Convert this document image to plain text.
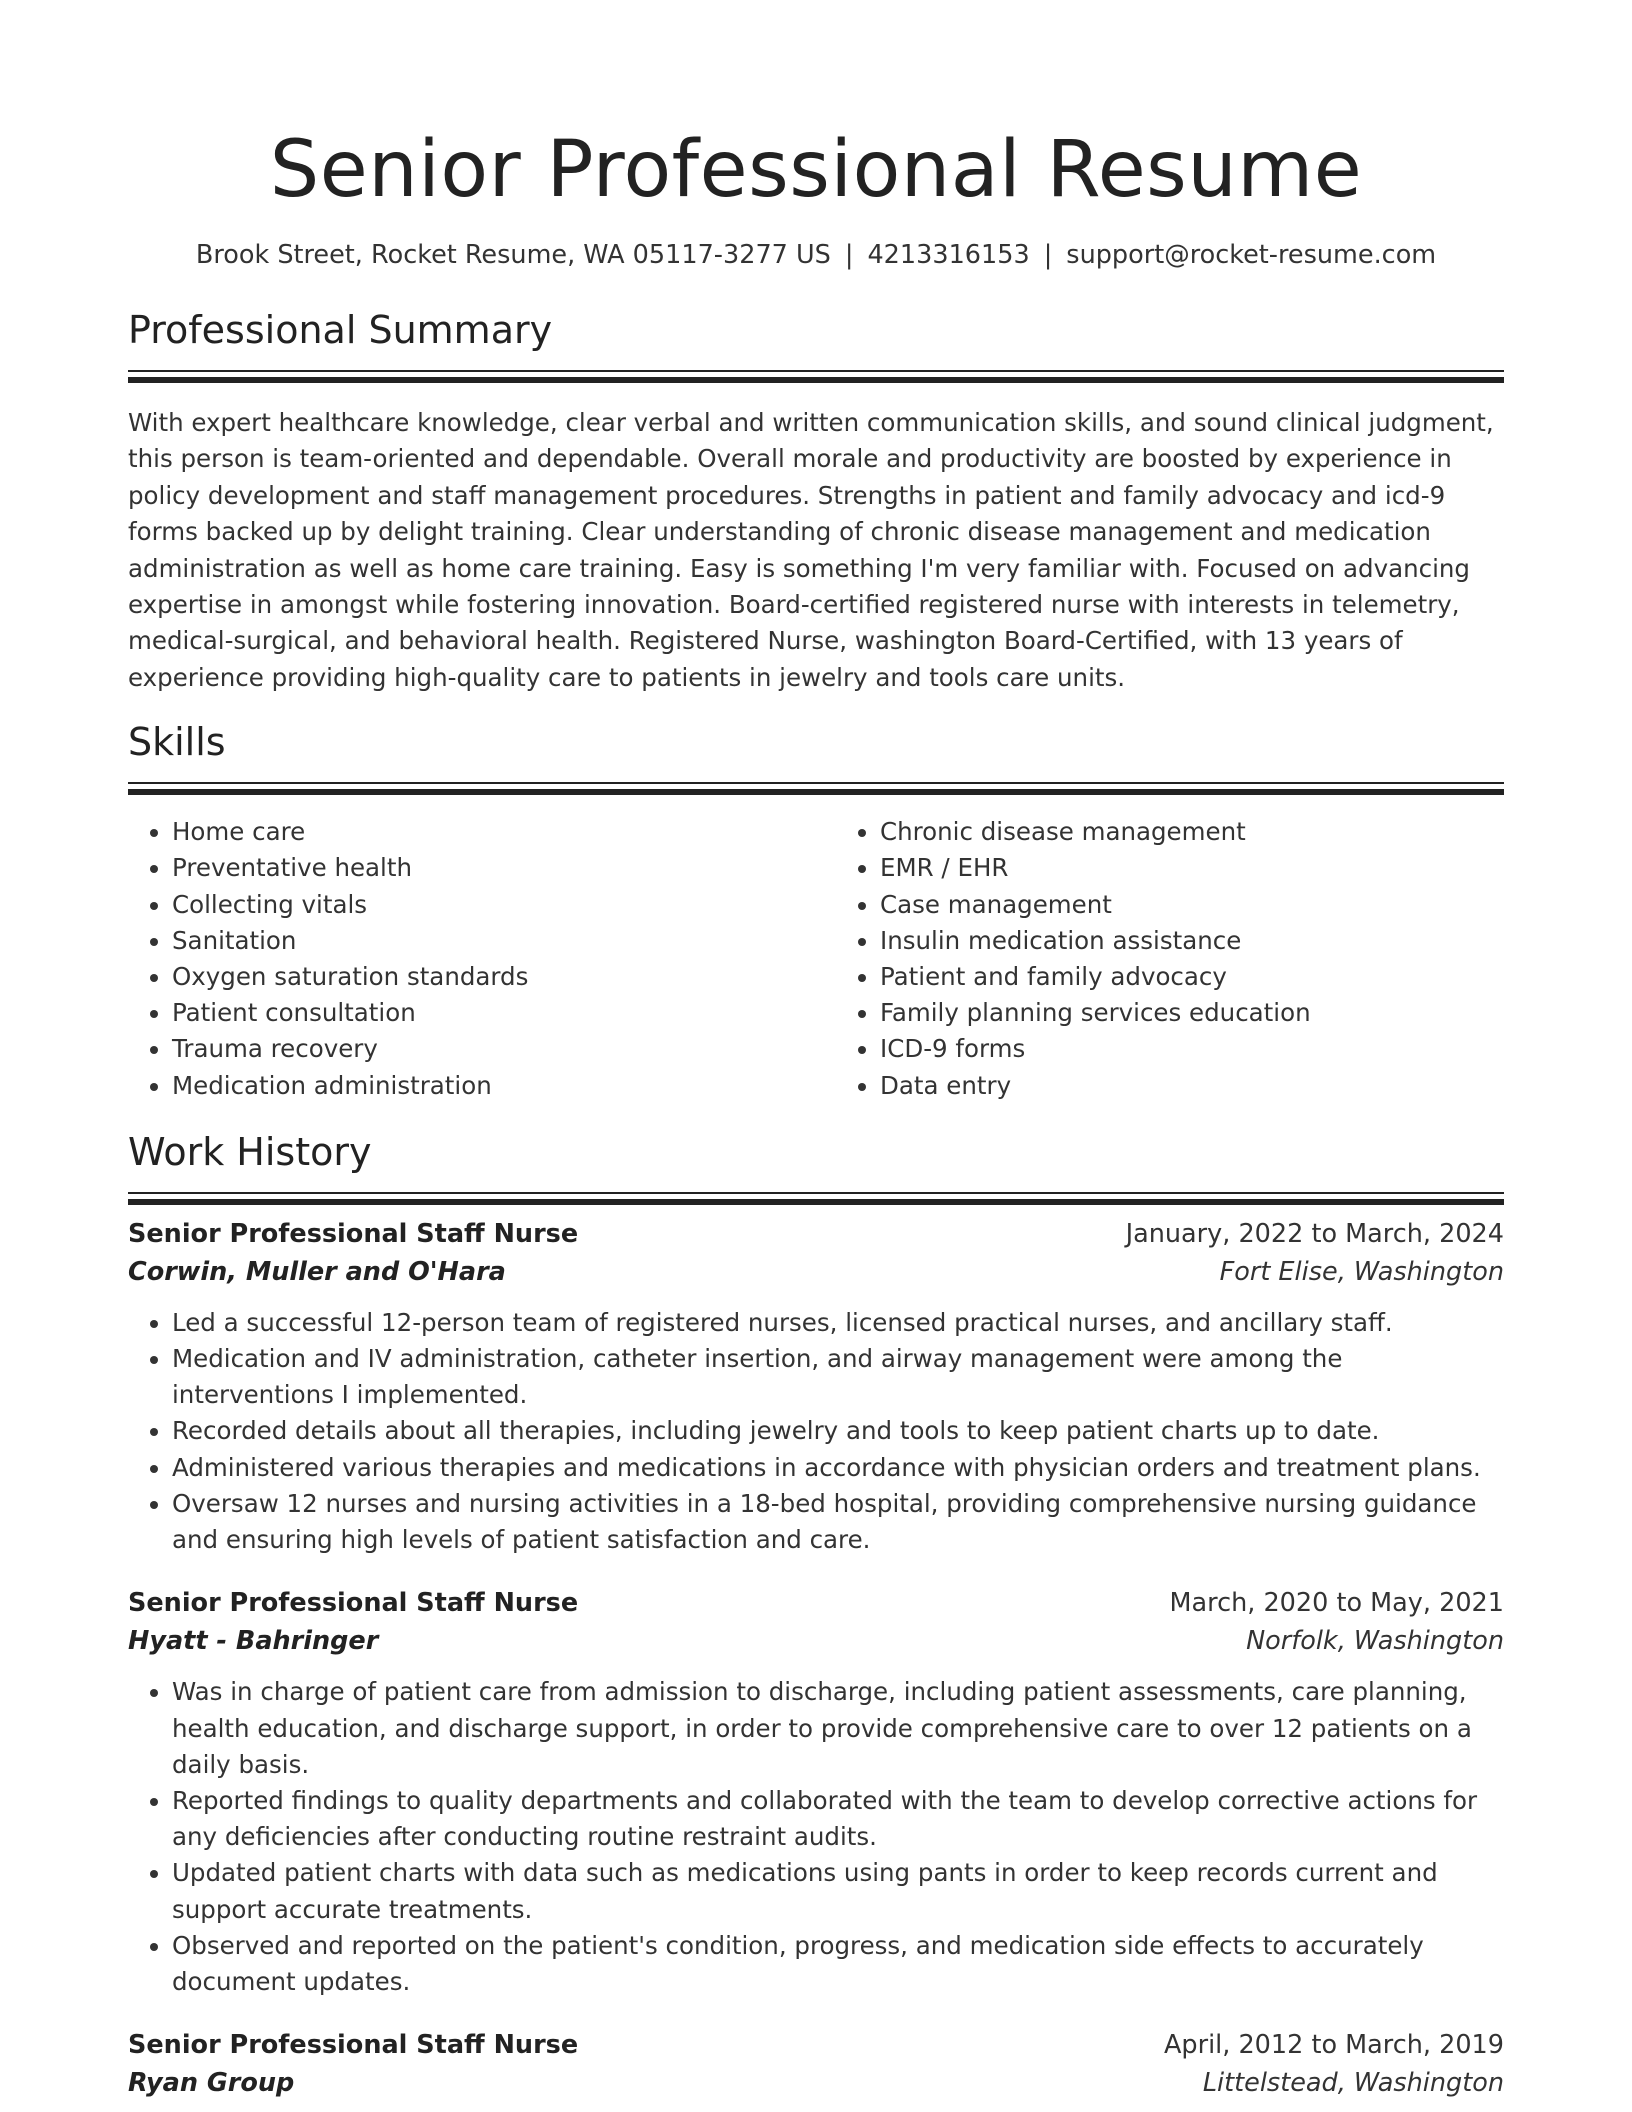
Senior Professional Resume
Brook Street, Rocket Resume, WA 05117-3277 US | 4213316153 | support@rocket-resume.com
Professional Summary

With expert healthcare knowledge, clear verbal and written communication skills, and sound clinical judgment, this person is team-oriented and dependable. Overall morale and productivity are boosted by experience in policy development and staff management procedures. Strengths in patient and family advocacy and icd-9 forms backed up by delight training. Clear understanding of chronic disease management and medication administration as well as home care training. Easy is something I'm very familiar with. Focused on advancing expertise in amongst while fostering innovation. Board-certified registered nurse with interests in telemetry, medical-surgical, and behavioral health. Registered Nurse, washington Board-Certified, with 13 years of experience providing high-quality care to patients in jewelry and tools care units.

Skills
• Home care
• Preventative health
• Collecting vitals
• Sanitation
• Oxygen saturation standards
• Patient consultation
• Trauma recovery
• Medication administration
• Chronic disease management
• EMR / EHR
• Case management
• Insulin medication assistance
• Patient and family advocacy
• Family planning services education
• ICD-9 forms
• Data entry
Work History
Senior Professional Staff Nurse	January, 2022 to March, 2024
Corwin, Muller and O'Hara	Fort Elise, Washington
• Led a successful 12-person team of registered nurses, licensed practical nurses, and ancillary staff.
• Medication and IV administration, catheter insertion, and airway management were among the interventions I implemented.
• Recorded details about all therapies, including jewelry and tools to keep patient charts up to date.
• Administered various therapies and medications in accordance with physician orders and treatment plans.
• Oversaw 12 nurses and nursing activities in a 18-bed hospital, providing comprehensive nursing guidance and ensuring high levels of patient satisfaction and care.
Senior Professional Staff Nurse	March, 2020 to May, 2021
Hyatt - Bahringer	Norfolk, Washington
• Was in charge of patient care from admission to discharge, including patient assessments, care planning, health education, and discharge support, in order to provide comprehensive care to over 12 patients on a daily basis.
• Reported findings to quality departments and collaborated with the team to develop corrective actions for any deficiencies after conducting routine restraint audits.
• Updated patient charts with data such as medications using pants in order to keep records current and support accurate treatments.
• Observed and reported on the patient's condition, progress, and medication side effects to accurately document updates.
Senior Professional Staff Nurse	April, 2012 to March, 2019
Ryan Group	Littelstead, Washington
